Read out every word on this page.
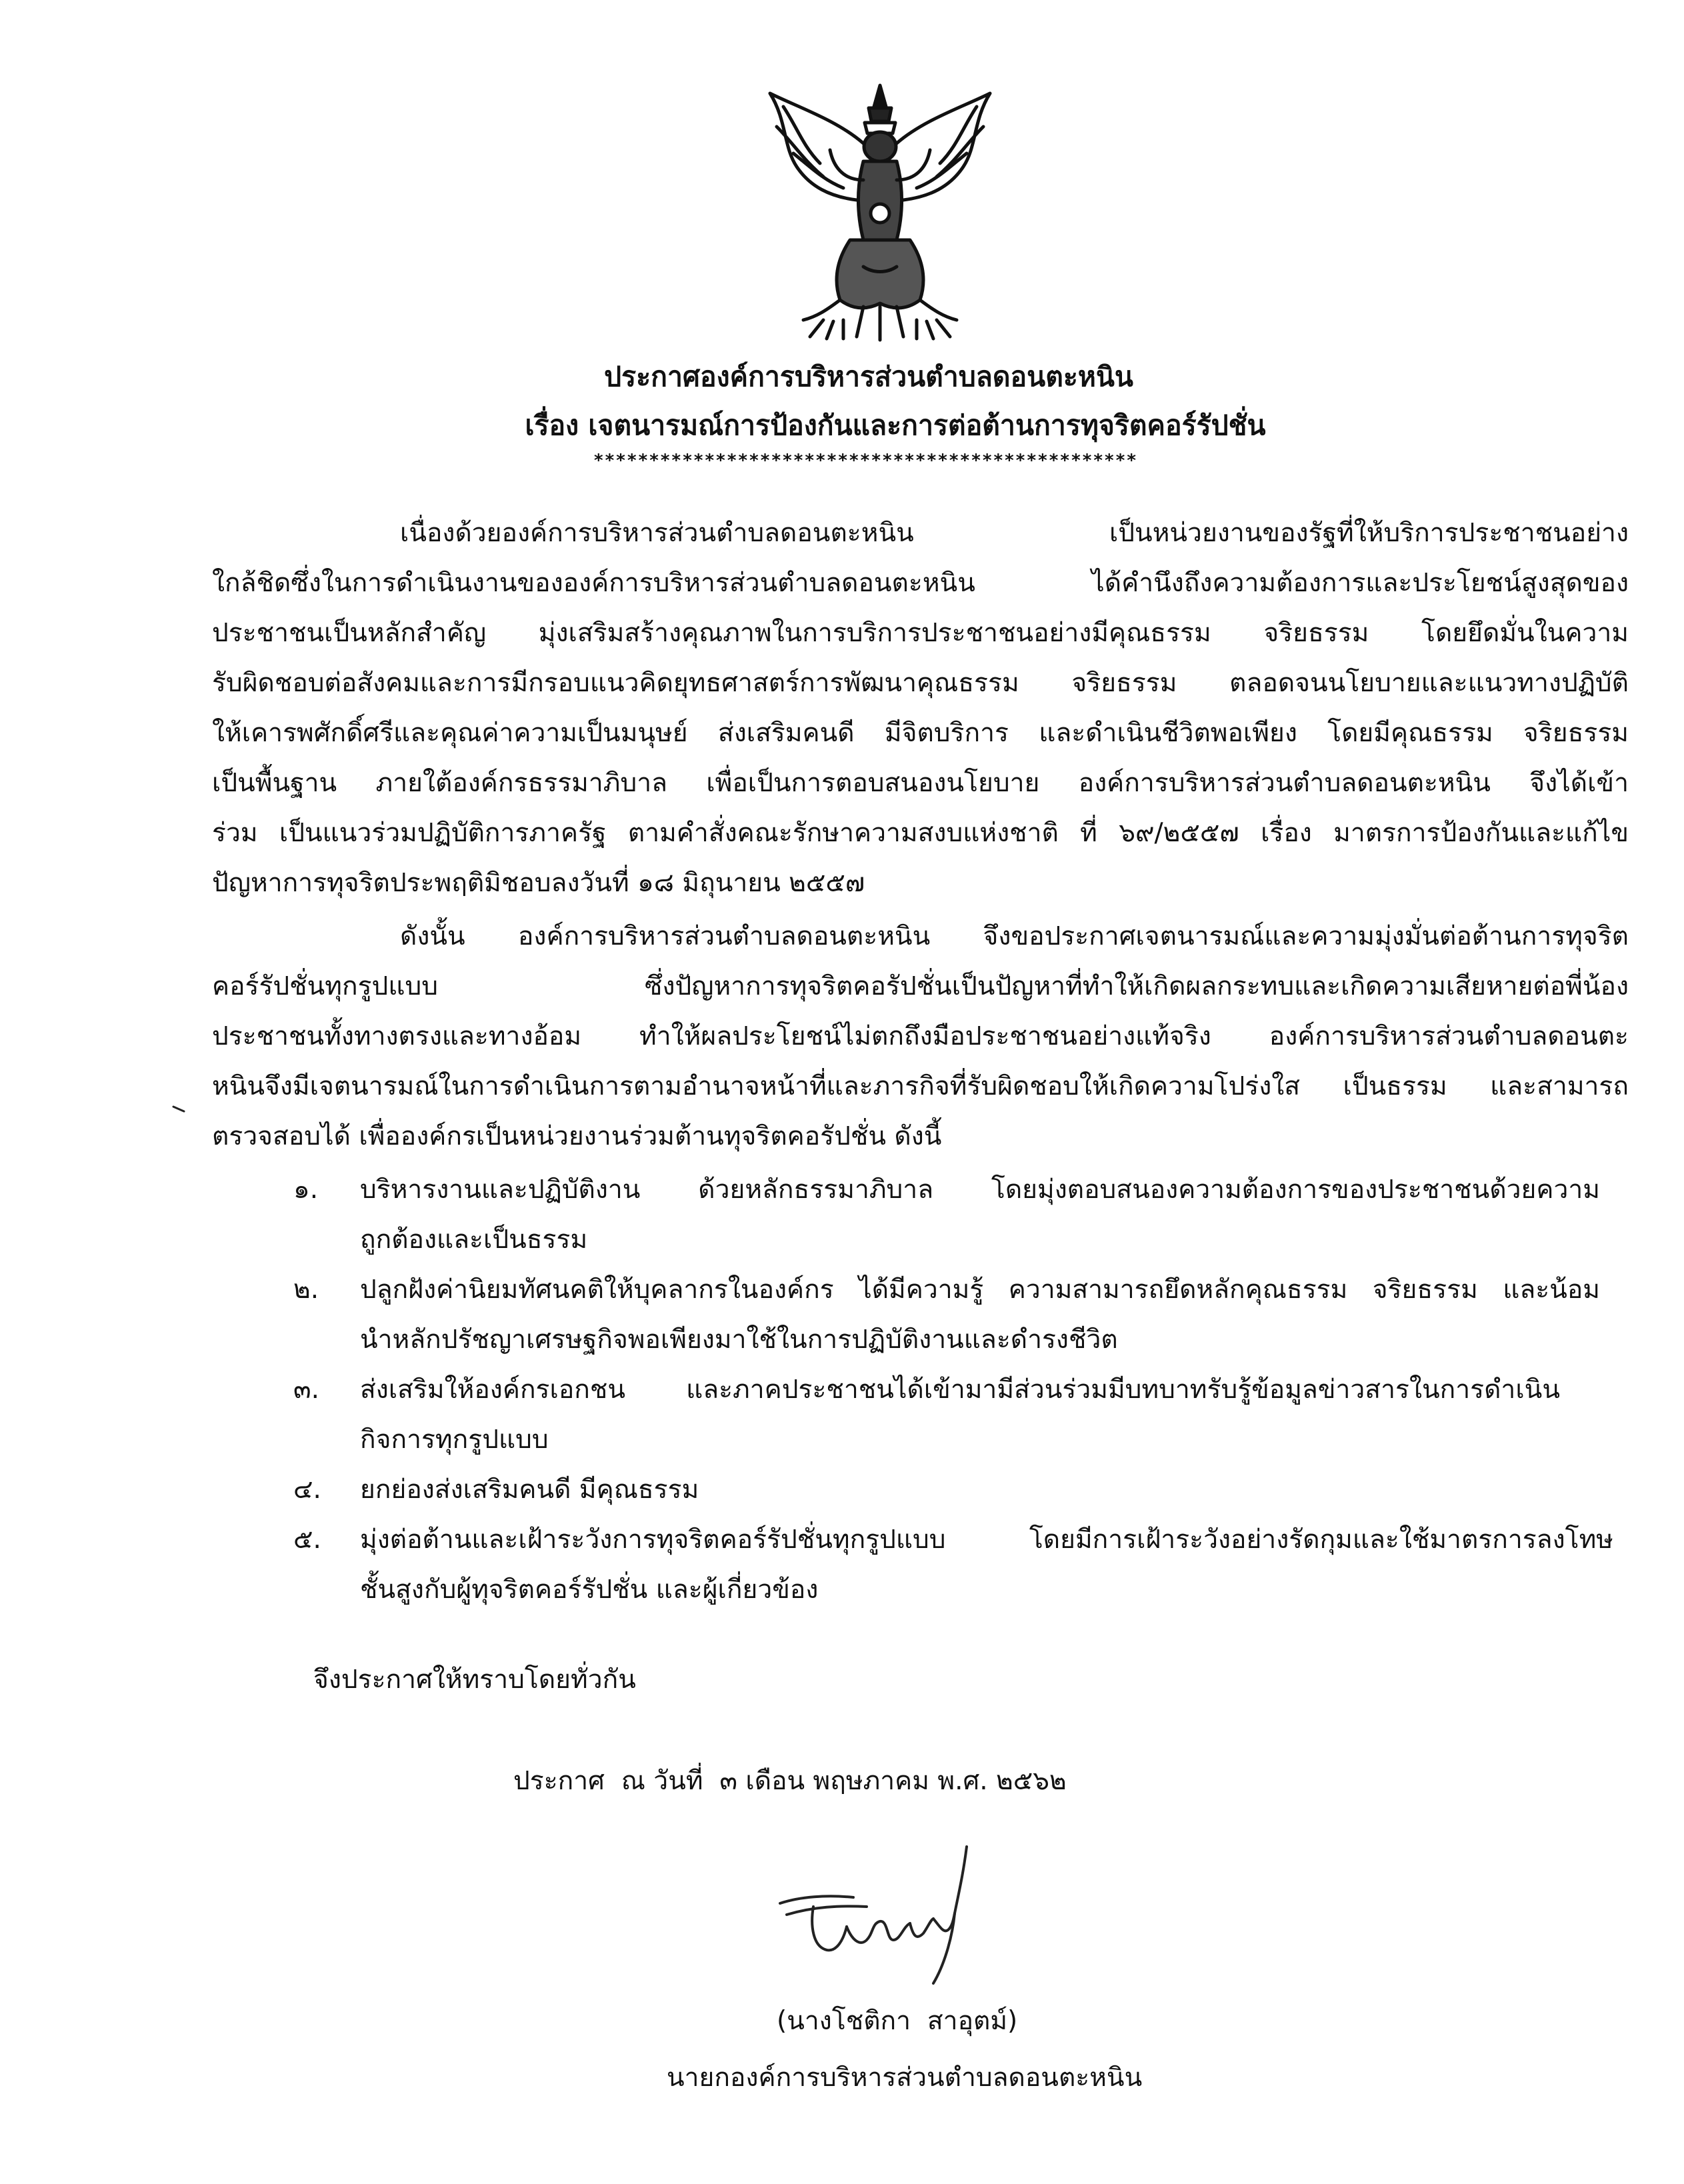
ประกาศองค์การบริหารส่วนตำบลดอนตะหนิน
เรื่อง เจตนารมณ์การป้องกันและการต่อต้านการทุจริตคอร์รัปชั่น
*************************************************
เนื่องด้วยองค์การบริหารส่วนตำบลดอนตะหนิน เป็นหน่วยงานของรัฐที่ให้บริการประชาชนอย่าง
ใกล้ชิดซึ่งในการดำเนินงานขององค์การบริหารส่วนตำบลดอนตะหนิน ได้คำนึงถึงความต้องการและประโยชน์สูงสุดของ
ประชาชนเป็นหลักสำคัญ มุ่งเสริมสร้างคุณภาพในการบริการประชาชนอย่างมีคุณธรรม จริยธรรม โดยยึดมั่นในความ
รับผิดชอบต่อสังคมและการมีกรอบแนวคิดยุทธศาสตร์การพัฒนาคุณธรรม จริยธรรม ตลอดจนนโยบายและแนวทางปฏิบัติ
ให้เคารพศักดิ์ศรีและคุณค่าความเป็นมนุษย์ ส่งเสริมคนดี มีจิตบริการ และดำเนินชีวิตพอเพียง โดยมีคุณธรรม จริยธรรม
เป็นพื้นฐาน ภายใต้องค์กรธรรมาภิบาล เพื่อเป็นการตอบสนองนโยบาย องค์การบริหารส่วนตำบลดอนตะหนิน จึงได้เข้า
ร่วม เป็นแนวร่วมปฏิบัติการภาครัฐ ตามคำสั่งคณะรักษาความสงบแห่งชาติ ที่ ๖๙/๒๕๕๗ เรื่อง มาตรการป้องกันและแก้ไข
ปัญหาการทุจริตประพฤติมิชอบลงวันที่ ๑๘ มิถุนายน ๒๕๕๗
ดังนั้น องค์การบริหารส่วนตำบลดอนตะหนิน จึงขอประกาศเจตนารมณ์และความมุ่งมั่นต่อต้านการทุจริต
คอร์รัปชั่นทุกรูปแบบ ซึ่งปัญหาการทุจริตคอรัปชั่นเป็นปัญหาที่ทำให้เกิดผลกระทบและเกิดความเสียหายต่อพี่น้อง
ประชาชนทั้งทางตรงและทางอ้อม ทำให้ผลประโยชน์ไม่ตกถึงมือประชาชนอย่างแท้จริง องค์การบริหารส่วนตำบลดอนตะ
หนินจึงมีเจตนารมณ์ในการดำเนินการตามอำนาจหน้าที่และภารกิจที่รับผิดชอบให้เกิดความโปร่งใส เป็นธรรม และสามารถ
ตรวจสอบได้ เพื่อองค์กรเป็นหน่วยงานร่วมต้านทุจริตคอรัปชั่น ดังนี้
๑. บริหารงานและปฏิบัติงาน ด้วยหลักธรรมาภิบาล โดยมุ่งตอบสนองความต้องการของประชาชนด้วยความ
ถูกต้องและเป็นธรรม
๒. ปลูกฝังค่านิยมทัศนคติให้บุคลากรในองค์กร ได้มีความรู้ ความสามารถยึดหลักคุณธรรม จริยธรรม และน้อม
นำหลักปรัชญาเศรษฐกิจพอเพียงมาใช้ในการปฏิบัติงานและดำรงชีวิต
๓. ส่งเสริมให้องค์กรเอกชน และภาคประชาชนได้เข้ามามีส่วนร่วมมีบทบาทรับรู้ข้อมูลข่าวสารในการดำเนิน
กิจการทุกรูปแบบ
๔. ยกย่องส่งเสริมคนดี มีคุณธรรม
๕. มุ่งต่อต้านและเฝ้าระวังการทุจริตคอร์รัปชั่นทุกรูปแบบ โดยมีการเฝ้าระวังอย่างรัดกุมและใช้มาตรการลงโทษ
ชั้นสูงกับผู้ทุจริตคอร์รัปชั่น และผู้เกี่ยวข้อง
จึงประกาศให้ทราบโดยทั่วกัน
ประกาศ  ณ วันที่  ๓ เดือน พฤษภาคม พ.ศ. ๒๕๖๒
(นางโชติกา  สาอุตม์)
นายกองค์การบริหารส่วนตำบลดอนตะหนิน
